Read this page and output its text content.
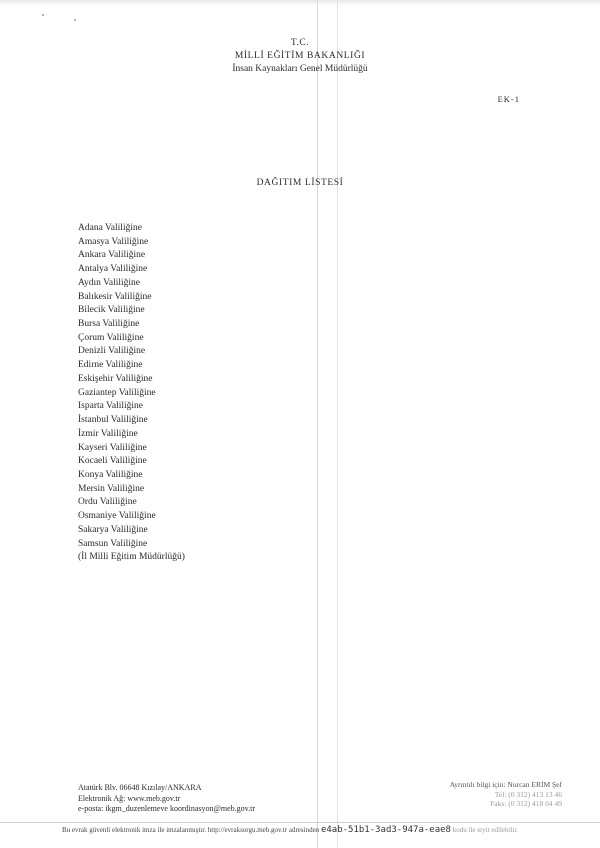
T.C.
MİLLİ EĞİTİM BAKANLIĞI
İnsan Kaynakları Genel Müdürlüğü
EK-1
DAĞITIM LİSTESİ
Adana Valiliğine
Amasya Valiliğine
Ankara Valiliğine
Antalya Valiliğine
Aydın Valiliğine
Balıkesir Valiliğine
Bilecik Valiliğine
Bursa Valiliğine
Çorum Valiliğine
Denizli Valiliğine
Edirne Valiliğine
Eskişehir Valiliğine
Gaziantep Valiliğine
Isparta Valiliğine
İstanbul Valiliğine
İzmir Valiliğine
Kayseri Valiliğine
Kocaeli Valiliğine
Konya Valiliğine
Mersin Valiliğine
Ordu Valiliğine
Osmaniye Valiliğine
Sakarya Valiliğine
Samsun Valiliğine
(İl Milli Eğitim Müdürlüğü)
Atatürk Blv. 06648 Kızılay/ANKARA
Elektronik Ağ: www.meb.gov.tr
e-posta: ikgm_duzenlemeve koordinasyon@meb.gov.tr
Ayrıntılı bilgi için: Nurcan ERİM Şef
Tel: (0 312) 413 13 46
Faks: (0 312) 418 04 49
Bu evrak güvenli elektronik imza ile imzalanmıştır. http://evraksorgu.meb.gov.tr adresinden e4ab-51b1-3ad3-947a-eae8 kodu ile teyit edilebilir.
